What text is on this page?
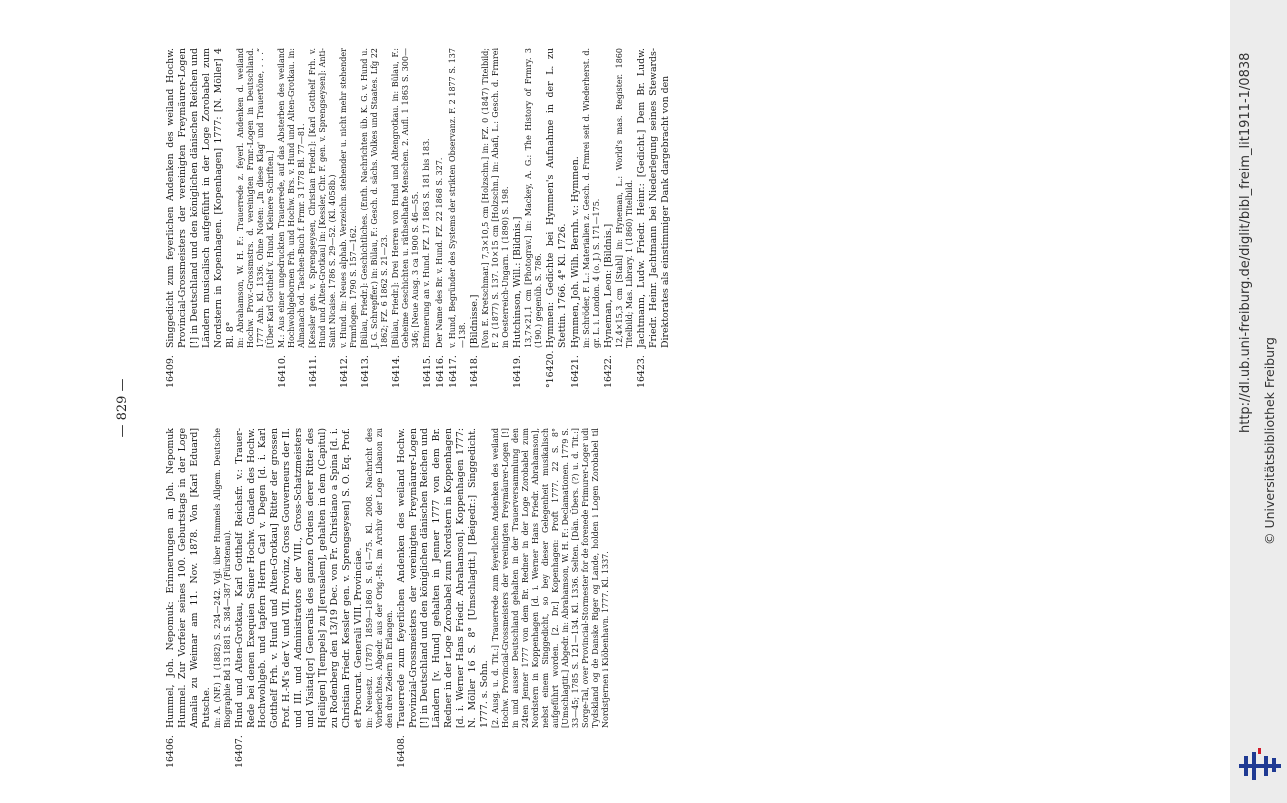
— 829 —
16406.
Hummel, Joh. Nepomuk: Erinnerungen an Joh. Nepomuk Hummel. Zur Vorfeier seines 100. Geburtstags in der Loge Amalia zu Weimar am 11. Nov. 1878. Von [Karl Eduard] Putsche. in: A. (NF.) 1 (1882) S. 234—242. Vgl. über Hummels Allgem. Deutsche Biographie Bd 13 1881 S. 384—387 (Fürstenau).
16407.
Hund und Alten-Grotkau, Karl Gotthelf Reichsfr. v.: Trauer-Rede bei denen Exequien Seiner Hochw. Gnaden des Hochw. Hochwohlgeb. und tapfern Herrn Carl v. Degen [d. i. Karl Gotthelf Frh. v. Hund und Alten-Grotkau] Ritter der grossen Prof. H.-M's der V. und VII. Provinz, Gross Gouverneurs der II. und III. und Administrators der VIII., Gross-Schatzmeisters und Visitat[or] Generalis des ganzen Ordens derer Ritter des H[eiligen] T[empels] zu J[erusalem], gehalten in dem (Capitul) zu Rodenberg den 13/19 Dec. von Fr. Christiano a Spina [d. i. Christian Friedr. Kessler gen. v. Sprengseysen] S. O. Eq. Prof. et Procurat. Generali VIII. Provinciae. in: Neuestz. (1787) 1859—1860 S. 61—75. Kl. 2008. Nachricht des Vorberichtes. Abgedr. aus der Orig.-Hs. im Archiv der Loge Libanon zu den drei Zedern in Erlangen.
16408.
Trauerrede zum feyerlichen Andenken des weiland Hochw. Provinzial-Grossmeisters der vereinigten Freymäurer-Logen [!] in Deutschland und den königlichen dänischen Reichen und Ländern [v. Hund] gehalten in Jenner 1777 von dem Br. Redner in der Loge Zorobabel zum Nordstern in Koppenhagen [d. i. Werner Hans Friedr. Abrahamson]. Koppenhagen 1777: N. Möller 16 S. 8° [Umschlagtit.] [Beigedr.:] Singgedicht. 1777. s. Sohn. [2. Ausg. u. d. Tit.:] Trauerrede zum feyerlichen Andenken des weiland Hochw. Provincial-Grossmeisters der vereinigten Freymäurer-Logen [!] in und ausser Deutschland gehalten in der Trauerversammlung den 24ten Jenner 1777 von dem Br. Redner in der Loge Zorobabel zum Nordstern in Koppenhagen [d. i. Werner Hans Friedr. Abrahamson], nebst einem Singgedicht, so bey dieser Gelegenheit musikalisch aufgeführt worden. [2. Dr.] Kopenhagen: Proft 1777. 22 S. 8° [Umschlagtit.] Abgedr. in: Abrahamson, W. H. F.: Declamationen. 1779 S. 33—45; 1785 S. 121—134. Kl. 1336. Selten. [Dän. Übers. (?) u. d. Tit.:] Sorge-Tal, over Provincial-Stormester for de forenede Frimurer-Loger udi Tydskland og de Danske Riger og Lande, holden i Logen Zorobabel til Nordstjernen i Kiöbenhavn. 1777. Kl. 1337.
16409.
Singgedicht zum feyerlichen Andenken des weiland Hochw. Provincial-Grossmeisters der vereinigten Freymäurer-Logen [!] in Deutschland und den königlichen dänischen Reichen und Ländern musicalisch aufgeführt in der Loge Zorobabel zum Nordstern in Kopenhagen. [Kopenhagen] 1777: [N. Möller] 4 Bl. 8° in: Abrahamson, W. H. F.: Trauerrede z. feyerl. Andenken d. weiland Hochw. Prov.-Grossmstrs. d. vereinigten Frmr.-Logen in Deutschland. 1777 Anh. Kl. 1336. Ohne Noten: „In diese Klag' und Trauertöne, . . .“ [Über Karl Gotthelf v. Hund. Kleinere Schriften.]
16410.
M.: Aus einer ungedruckten Trauerrede, auf das Absterben des weiland Hochwohlgebornen Frh. und Hochw. Brs. v. Hund und Alten-Grotkau. in: Almanach od. Taschen-Buch f. Frmr. 3 1778 Bl. 77—81.
16411.
[Kessler gen. v. Sprengseysen, Christian Friedr.]: [Karl Gotthelf Frh. v. Hund und Alten-Grotkau] in: [Kessler, Chr. F. gen. v. Sprengseysen]: Anti-Saint Nicaise. 1786 S. 29—52. (Kl. 4058b.)
16412.
v. Hund. in: Neues alphab. Verzeichn. stehender u. nicht mehr stehender Frmrlogen. 1790 S. 157—162.
16413.
[Bülau, Friedr.]: Geschichtliches. (Enth. Nachrichten üb. K. G. v. Hund u. J. G. Schrepffer.) in: Bülau, F.: Gesch. d. sächs. Volkes und Staates. Lfg 22 1862; FZ. 6 1862 S. 21—23.
16414.
[Bülau, Friedr.]: Drei Herren von Hund und Altengrotkau. in: Bülau, F.: Geheime Geschichten u. räthselhafte Menschen. 2. Aufl. 1 1863 S. 300—346; [Neue Ausg. 3 ca 1900 S. 46—55.
16415.
Erinnerung an v. Hund. FZ. 17 1863 S. 181 bis 183.
16416.
Der Name des Br. v. Hund. FZ. 22 1868 S. 327.
16417.
v. Hund, Begründer des Systems der strikten Observanz. F. 2 1877 S. 137—138.
16418.
[Bildnisse.] [Von E. Kretschmar.] 7,3×10,5 cm [Holzschn.] in: FZ. 0 (1847) Titelbild; F. 2 (1877) S. 137. 10×15 cm [Holzschn.] in: Abafi, L.: Gesch. d. Frmrei in Oesterreich-Ungarn. 1 (1890) S. 198.
16419.
Hutchinson, Will.: [Bildnis.] 13,7×21,1 cm [Photograv.] in: Mackey, A. G.: The History of Frmry. 3 (190.) gegenüb. S. 786.
°16420.
Hymmen: Gedichte bei Hymmen's Aufnahme in der L. zu Stettin. 1766. 4° Kl. 1726.
16421.
Hymmen, Joh. Wilh. Bernh. v.: Hymmen. in: Schröder, F. L.: Materialien z. Gesch. d. Frmrei seit d. Wiederherst. d. gr. L. i. London. 4 (o. J.) S. 171—175.
16422.
Hyneman, Leon: [Bildnis.] 12,4×15,3 cm [Stahl] in: Hyneman, L.: World's mas. Register. 1860 Titelbild; Mas. Library. 1 (1860) Titelbild.
16423.
Jachtmann, Ludw. Friedr. Heinr.: [Gedicht.] Dem Br. Ludw. Friedr. Heinr. Jachtmann bei Niederlegung seines Stewards-Direktorates als einstimmiger Dank dargebracht von den	http://dl.ub.uni-freiburg.de/diglit/bibl_freim_lit1911-1/0838
© Universitätsbibliothek Freiburg
